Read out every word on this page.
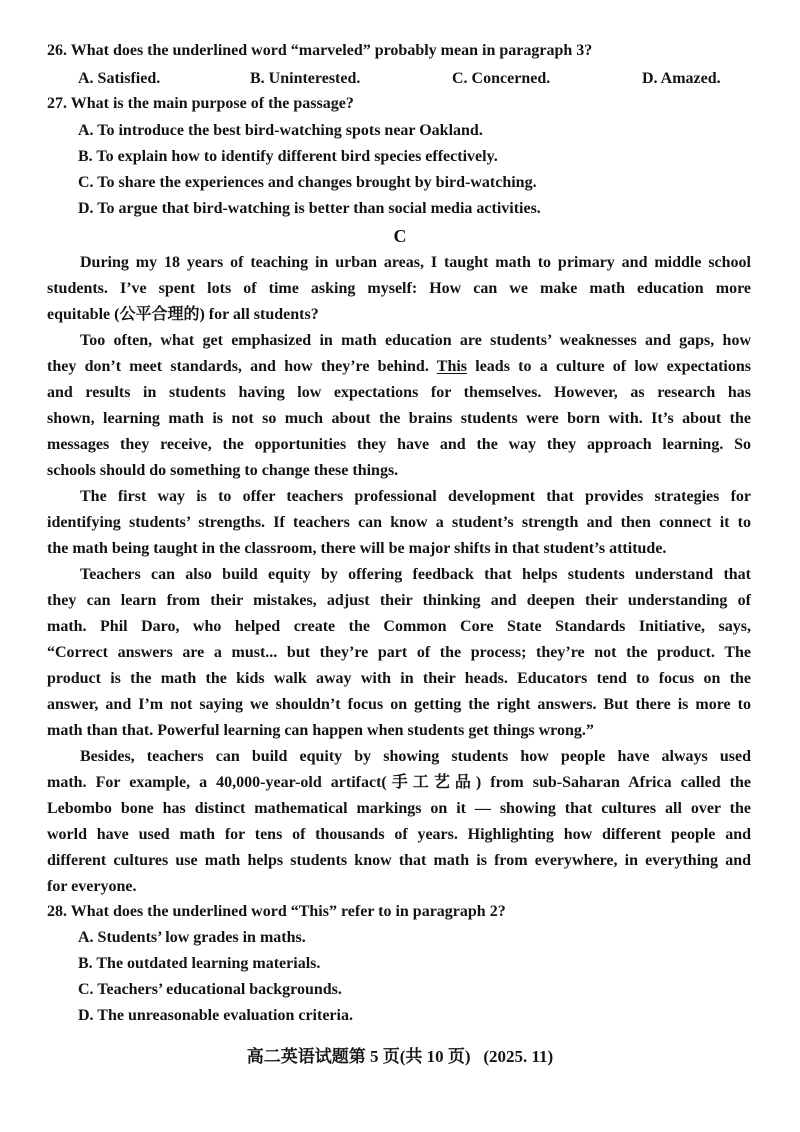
26. What does the underlined word “marveled” probably mean in paragraph 3?
A. Satisfied.	B. Uninterested.	C. Concerned.	D. Amazed.
27. What is the main purpose of the passage?
A. To introduce the best bird-watching spots near Oakland.
B. To explain how to identify different bird species effectively.
C. To share the experiences and changes brought by bird-watching.
D. To argue that bird-watching is better than social media activities.
C
During my 18 years of teaching in urban areas, I taught math to primary and middle school
students. I’ve spent lots of time asking myself: How can we make math education more
equitable (公平合理的) for all students?
Too often, what get emphasized in math education are students’ weaknesses and gaps, how
they don’t meet standards, and how they’re behind. This leads to a culture of low expectations
and results in students having low expectations for themselves. However, as research has
shown, learning math is not so much about the brains students were born with. It’s about the
messages they receive, the opportunities they have and the way they approach learning. So
schools should do something to change these things.
The first way is to offer teachers professional development that provides strategies for
identifying students’ strengths. If teachers can know a student’s strength and then connect it to
the math being taught in the classroom, there will be major shifts in that student’s attitude.
Teachers can also build equity by offering feedback that helps students understand that
they can learn from their mistakes, adjust their thinking and deepen their understanding of
math. Phil Daro, who helped create the Common Core State Standards Initiative, says,
“Correct answers are a must... but they’re part of the process; they’re not the product. The
product is the math the kids walk away with in their heads. Educators tend to focus on the
answer, and I’m not saying we shouldn’t focus on getting the right answers. But there is more to
math than that. Powerful learning can happen when students get things wrong.”
Besides, teachers can build equity by showing students how people have always used
math. For example, a 40,000-year-old artifact(手工艺品) from sub-Saharan Africa called the
Lebombo bone has distinct mathematical markings on it — showing that cultures all over the
world have used math for tens of thousands of years. Highlighting how different people and
different cultures use math helps students know that math is from everywhere, in everything and
for everyone.
28. What does the underlined word “This” refer to in paragraph 2?
A. Students’ low grades in maths.
B. The outdated learning materials.
C. Teachers’ educational backgrounds.
D. The unreasonable evaluation criteria.
高二英语试题第 5 页(共 10 页)   (2025. 11)
